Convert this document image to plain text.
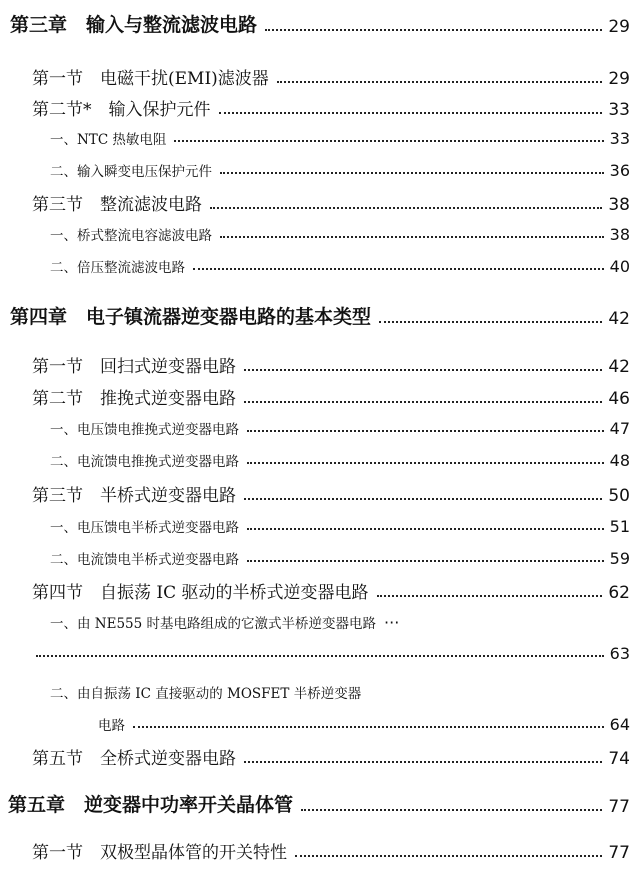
第三章　输入与整流滤波电路	29
第一节　电磁干扰(EMI)滤波器	29
第二节*　输入保护元件	33
一、NTC 热敏电阻	33
二、输入瞬变电压保护元件	36
第三节　整流滤波电路	38
一、桥式整流电容滤波电路	38
二、倍压整流滤波电路	40
第四章　电子镇流器逆变器电路的基本类型	42
第一节　回扫式逆变器电路	42
第二节　推挽式逆变器电路	46
一、电压馈电推挽式逆变器电路	47
二、电流馈电推挽式逆变器电路	48
第三节　半桥式逆变器电路	50
一、电压馈电半桥式逆变器电路	51
二、电流馈电半桥式逆变器电路	59
第四节　自振荡 IC 驱动的半桥式逆变器电路	62
一、由 NE555 时基电路组成的它激式半桥逆变器电路 ···
63
二、由自振荡 IC 直接驱动的 MOSFET 半桥逆变器
电路	64
第五节　全桥式逆变器电路	74
第五章　逆变器中功率开关晶体管	77
第一节　双极型晶体管的开关特性	77
